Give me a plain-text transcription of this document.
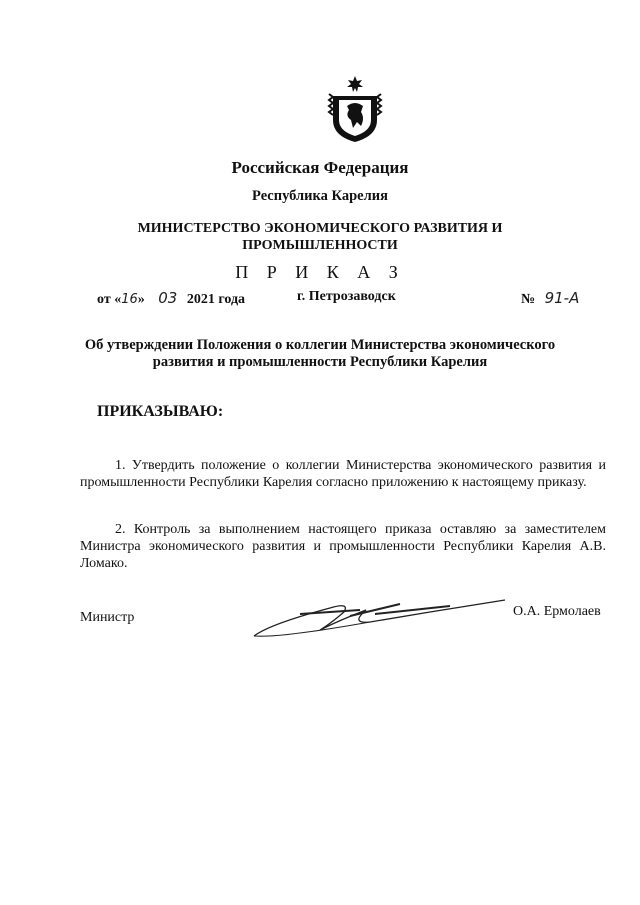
Российская Федерация
Республика Карелия
МИНИСТЕРСТВО ЭКОНОМИЧЕСКОГО РАЗВИТИЯ И
ПРОМЫШЛЕННОСТИ
П Р И К А З
от «16» 03 2021 года	г. Петрозаводск	№ 91-А
Об утверждении Положения о коллегии Министерства экономического
развития и промышленности Республики Карелия
ПРИКАЗЫВАЮ:
1. Утвердить положение о коллегии Министерства экономического развития и промышленности Республики Карелия согласно приложению к настоящему приказу.
2. Контроль за выполнением настоящего приказа оставляю за заместителем Министра экономического развития и промышленности Республики Карелия А.В. Ломако.
Министр	О.А. Ермолаев
